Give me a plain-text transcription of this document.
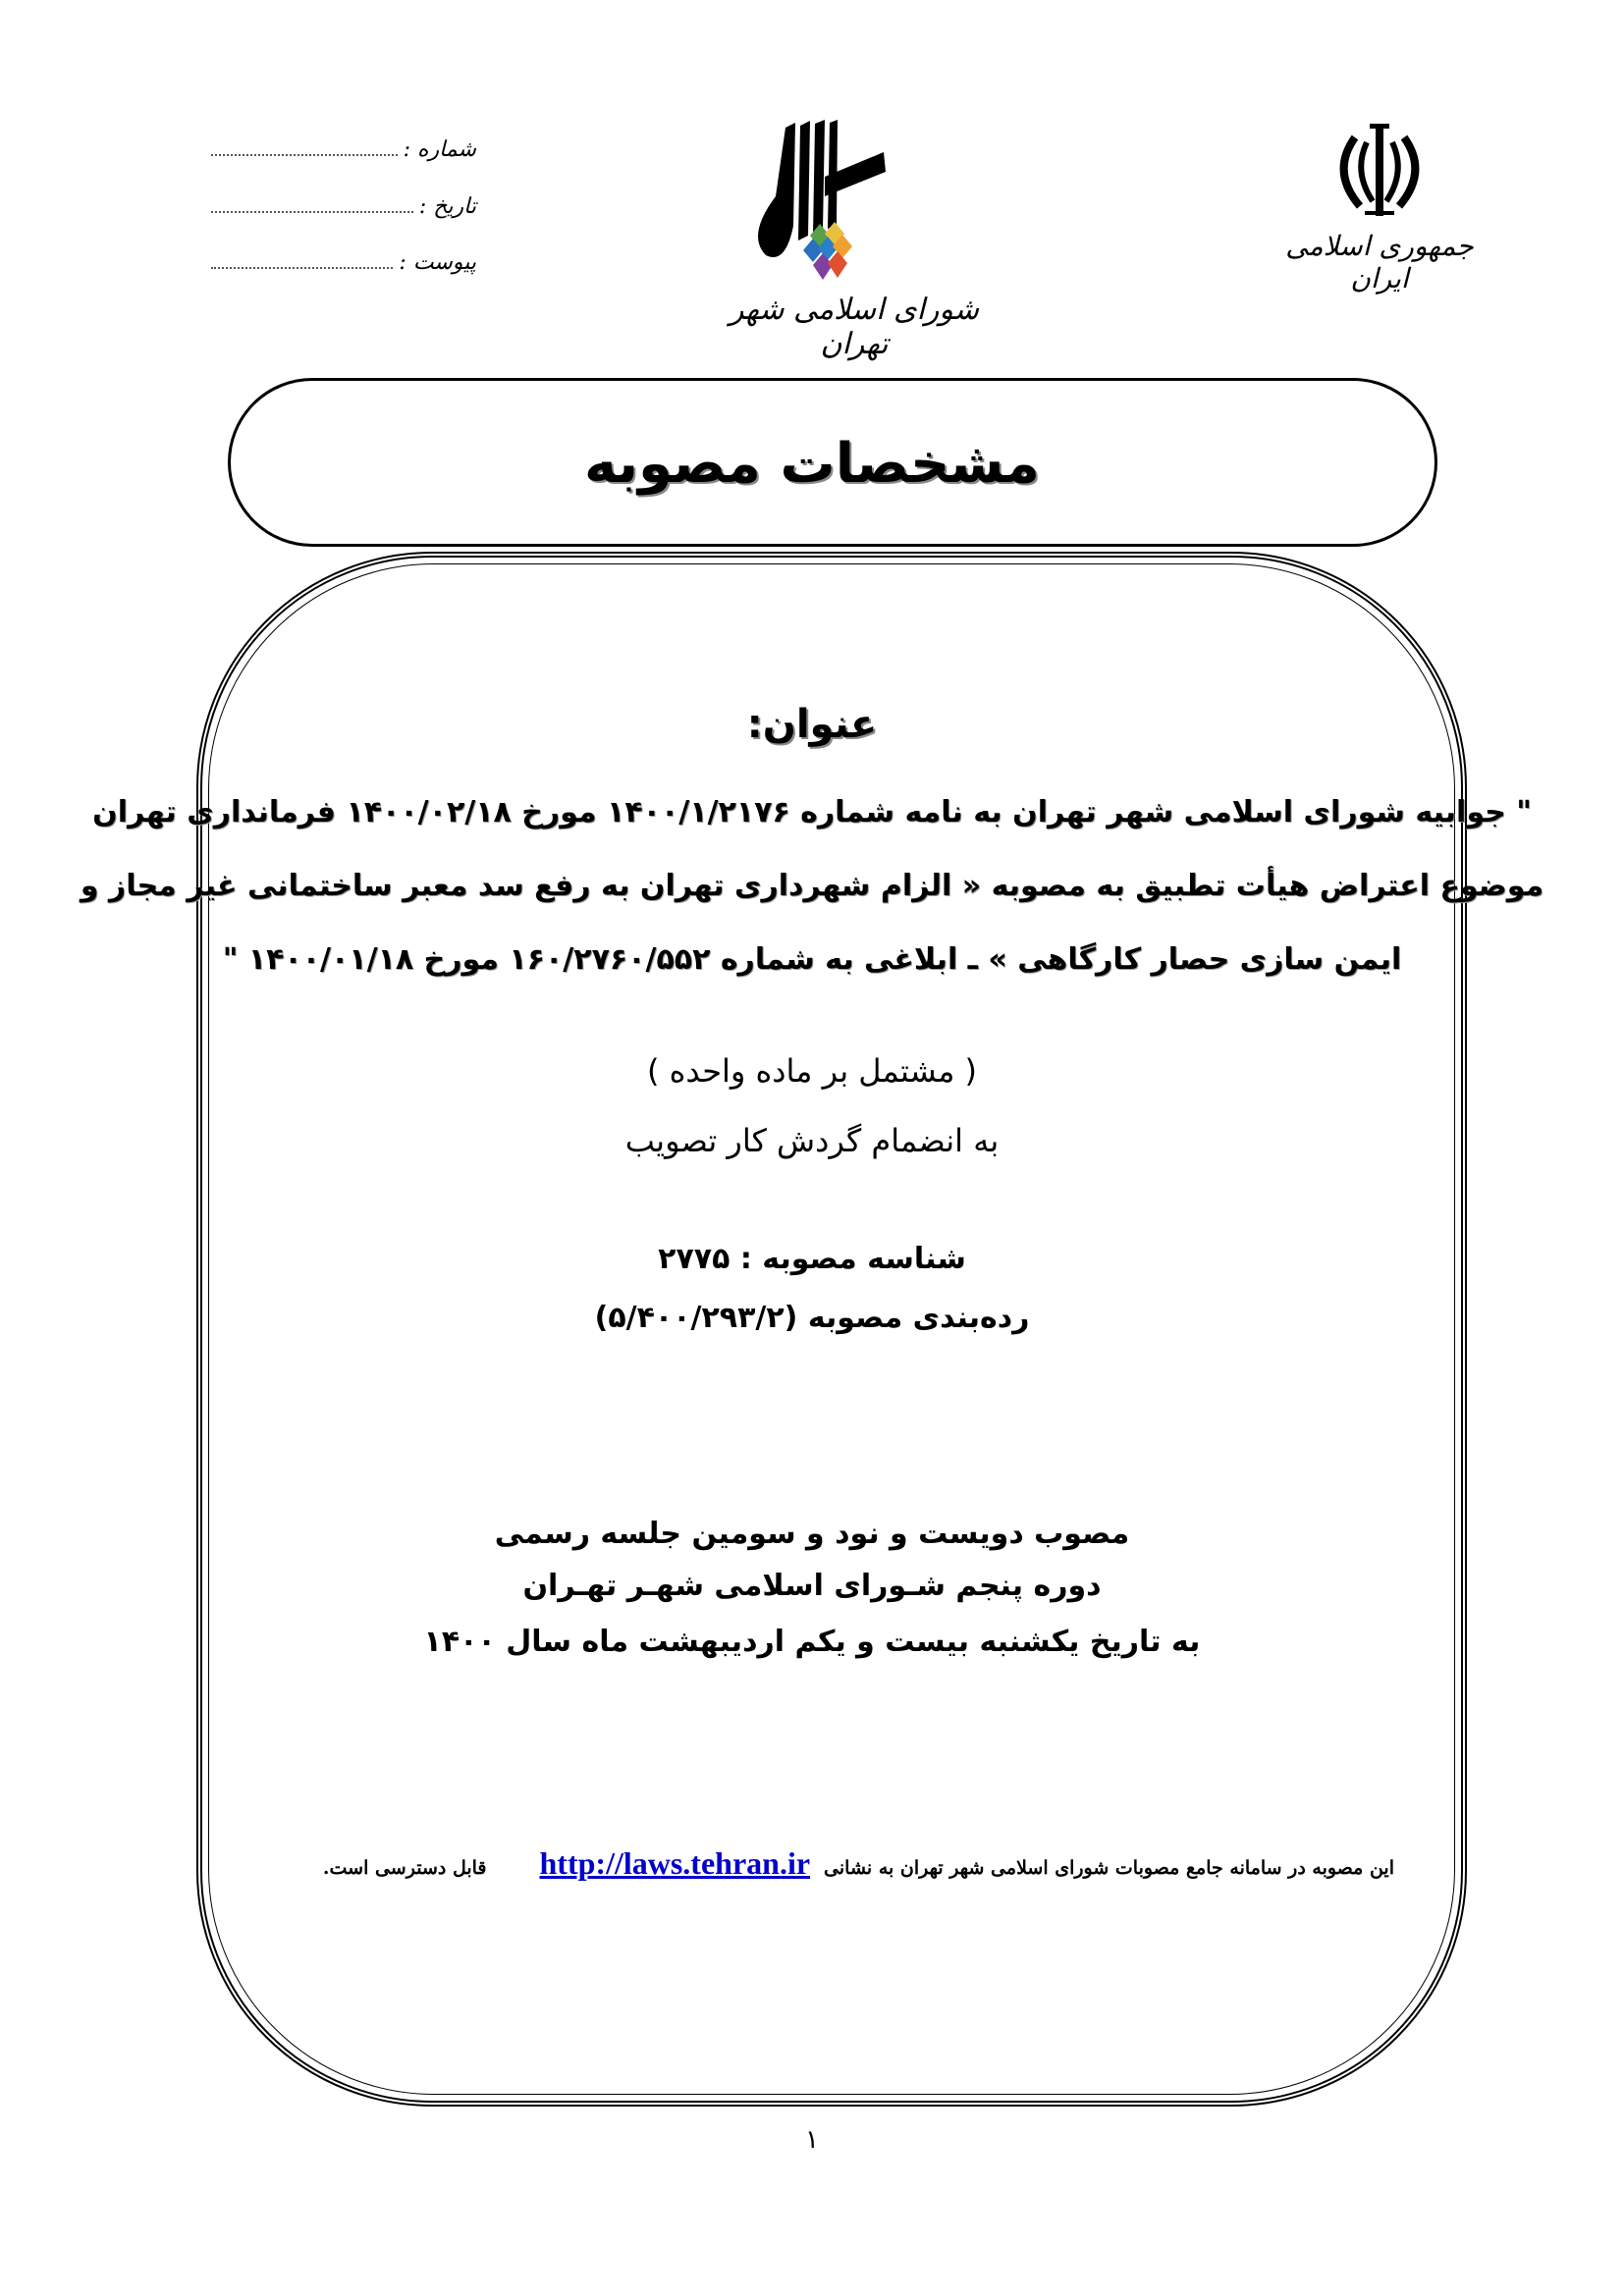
شماره :
تاریخ :
پیوست :
شورای اسلامی شهر تهران
جمهوری اسلامی ایران
مشخصات مصوبه
عنوان:
" جوابیه شورای اسلامی شهر تهران به نامه شماره ۱۴۰۰/۱/۲۱۷۶ مورخ ۱۴۰۰/۰۲/۱۸ فرمانداری تهران
موضوع اعتراض هیأت تطبیق به مصوبه « الزام شهرداری تهران به رفع سد معبر ساختمانی غیر مجاز و
ایمن سازی حصار کارگاهی » ـ ابلاغی به شماره ۱۶۰/۲۷۶۰/۵۵۲ مورخ ۱۴۰۰/۰۱/۱۸ "
( مشتمل بر ماده واحده )
به انضمام گردش کار تصویب
شناسه مصوبه : ۲۷۷۵
رده‌بندی مصوبه (۵/۴۰۰/۲۹۳/۲)
مصوب دویست و نود و سومین جلسه رسمی
دوره پنجم شـورای اسلامی شهـر تهـران
به تاریخ یکشنبه بیست و یکم اردیبهشت ماه سال ۱۴۰۰
این مصوبه در سامانه جامع مصوبات شورای اسلامی شهر تهران به نشانی
http://laws.tehran.ir
قابل دسترسی است.
۱
